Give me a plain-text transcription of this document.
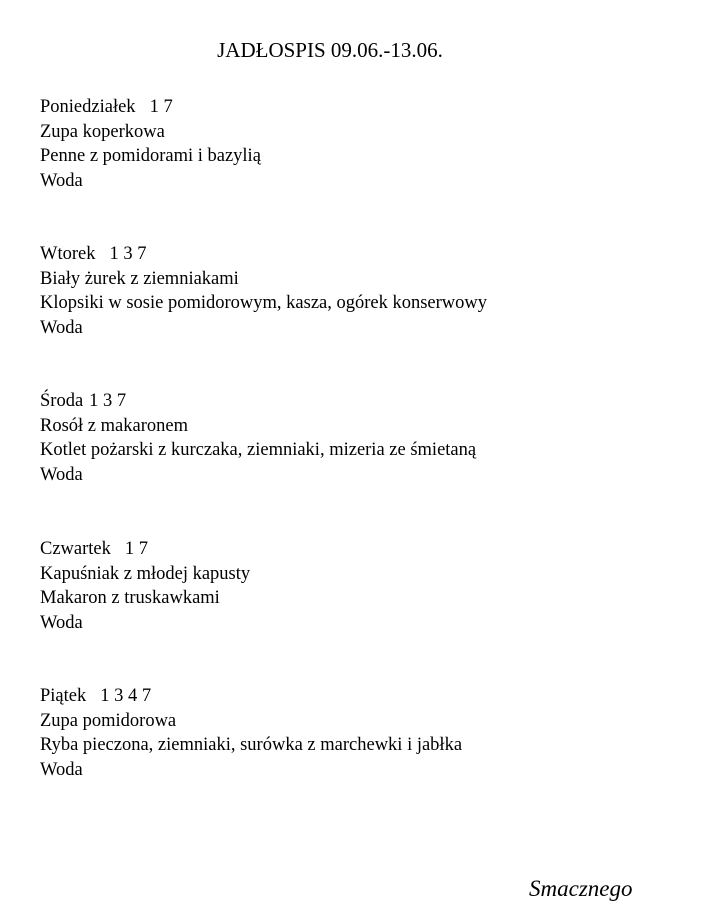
JADŁOSPIS 09.06.-13.06.
Poniedziałek 1 7
Zupa koperkowa
Penne z pomidorami i bazylią
Woda
Wtorek 1 3 7
Biały żurek z ziemniakami
Klopsiki w sosie pomidorowym, kasza, ogórek konserwowy
Woda
Środa 1 3 7
Rosół z makaronem
Kotlet pożarski z kurczaka, ziemniaki, mizeria ze śmietaną
Woda
Czwartek 1 7
Kapuśniak z młodej kapusty
Makaron z truskawkami
Woda
Piątek 1 3 4 7
Zupa pomidorowa
Ryba pieczona, ziemniaki, surówka z marchewki i jabłka
Woda
Smacznego
